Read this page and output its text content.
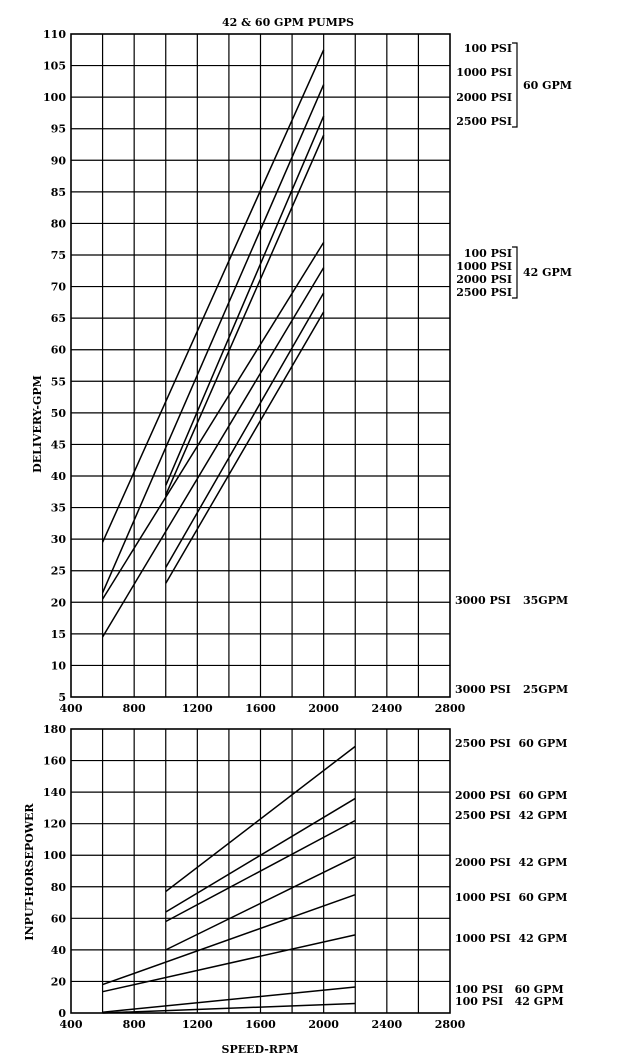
42 & 60 GPM PUMPS
5
10
15
20
25
30
35
40
45
50
55
60
65
70
75
80
85
90
95
100
105
110
400	800	1200	1600	2000	2400	2800
DELIVERY-GPM
100 PSI
1000 PSI
2000 PSI
2500 PSI
60 GPM
100 PSI
1000 PSI
2000 PSI
2500 PSI
42 GPM
3000 PSI 35GPM
3000 PSI 25GPM
0
20
40
60
80
100
120
140
160
180
400	800	1200	1600	2000	2400	2800
2500 PSI  60 GPM
2000 PSI  60 GPM
2500 PSI  42 GPM
2000 PSI  42 GPM
1000 PSI  60 GPM
1000 PSI  42 GPM
100 PSI   60 GPM
100 PSI   42 GPM
INPUT-HORSEPOWER
SPEED-RPM
